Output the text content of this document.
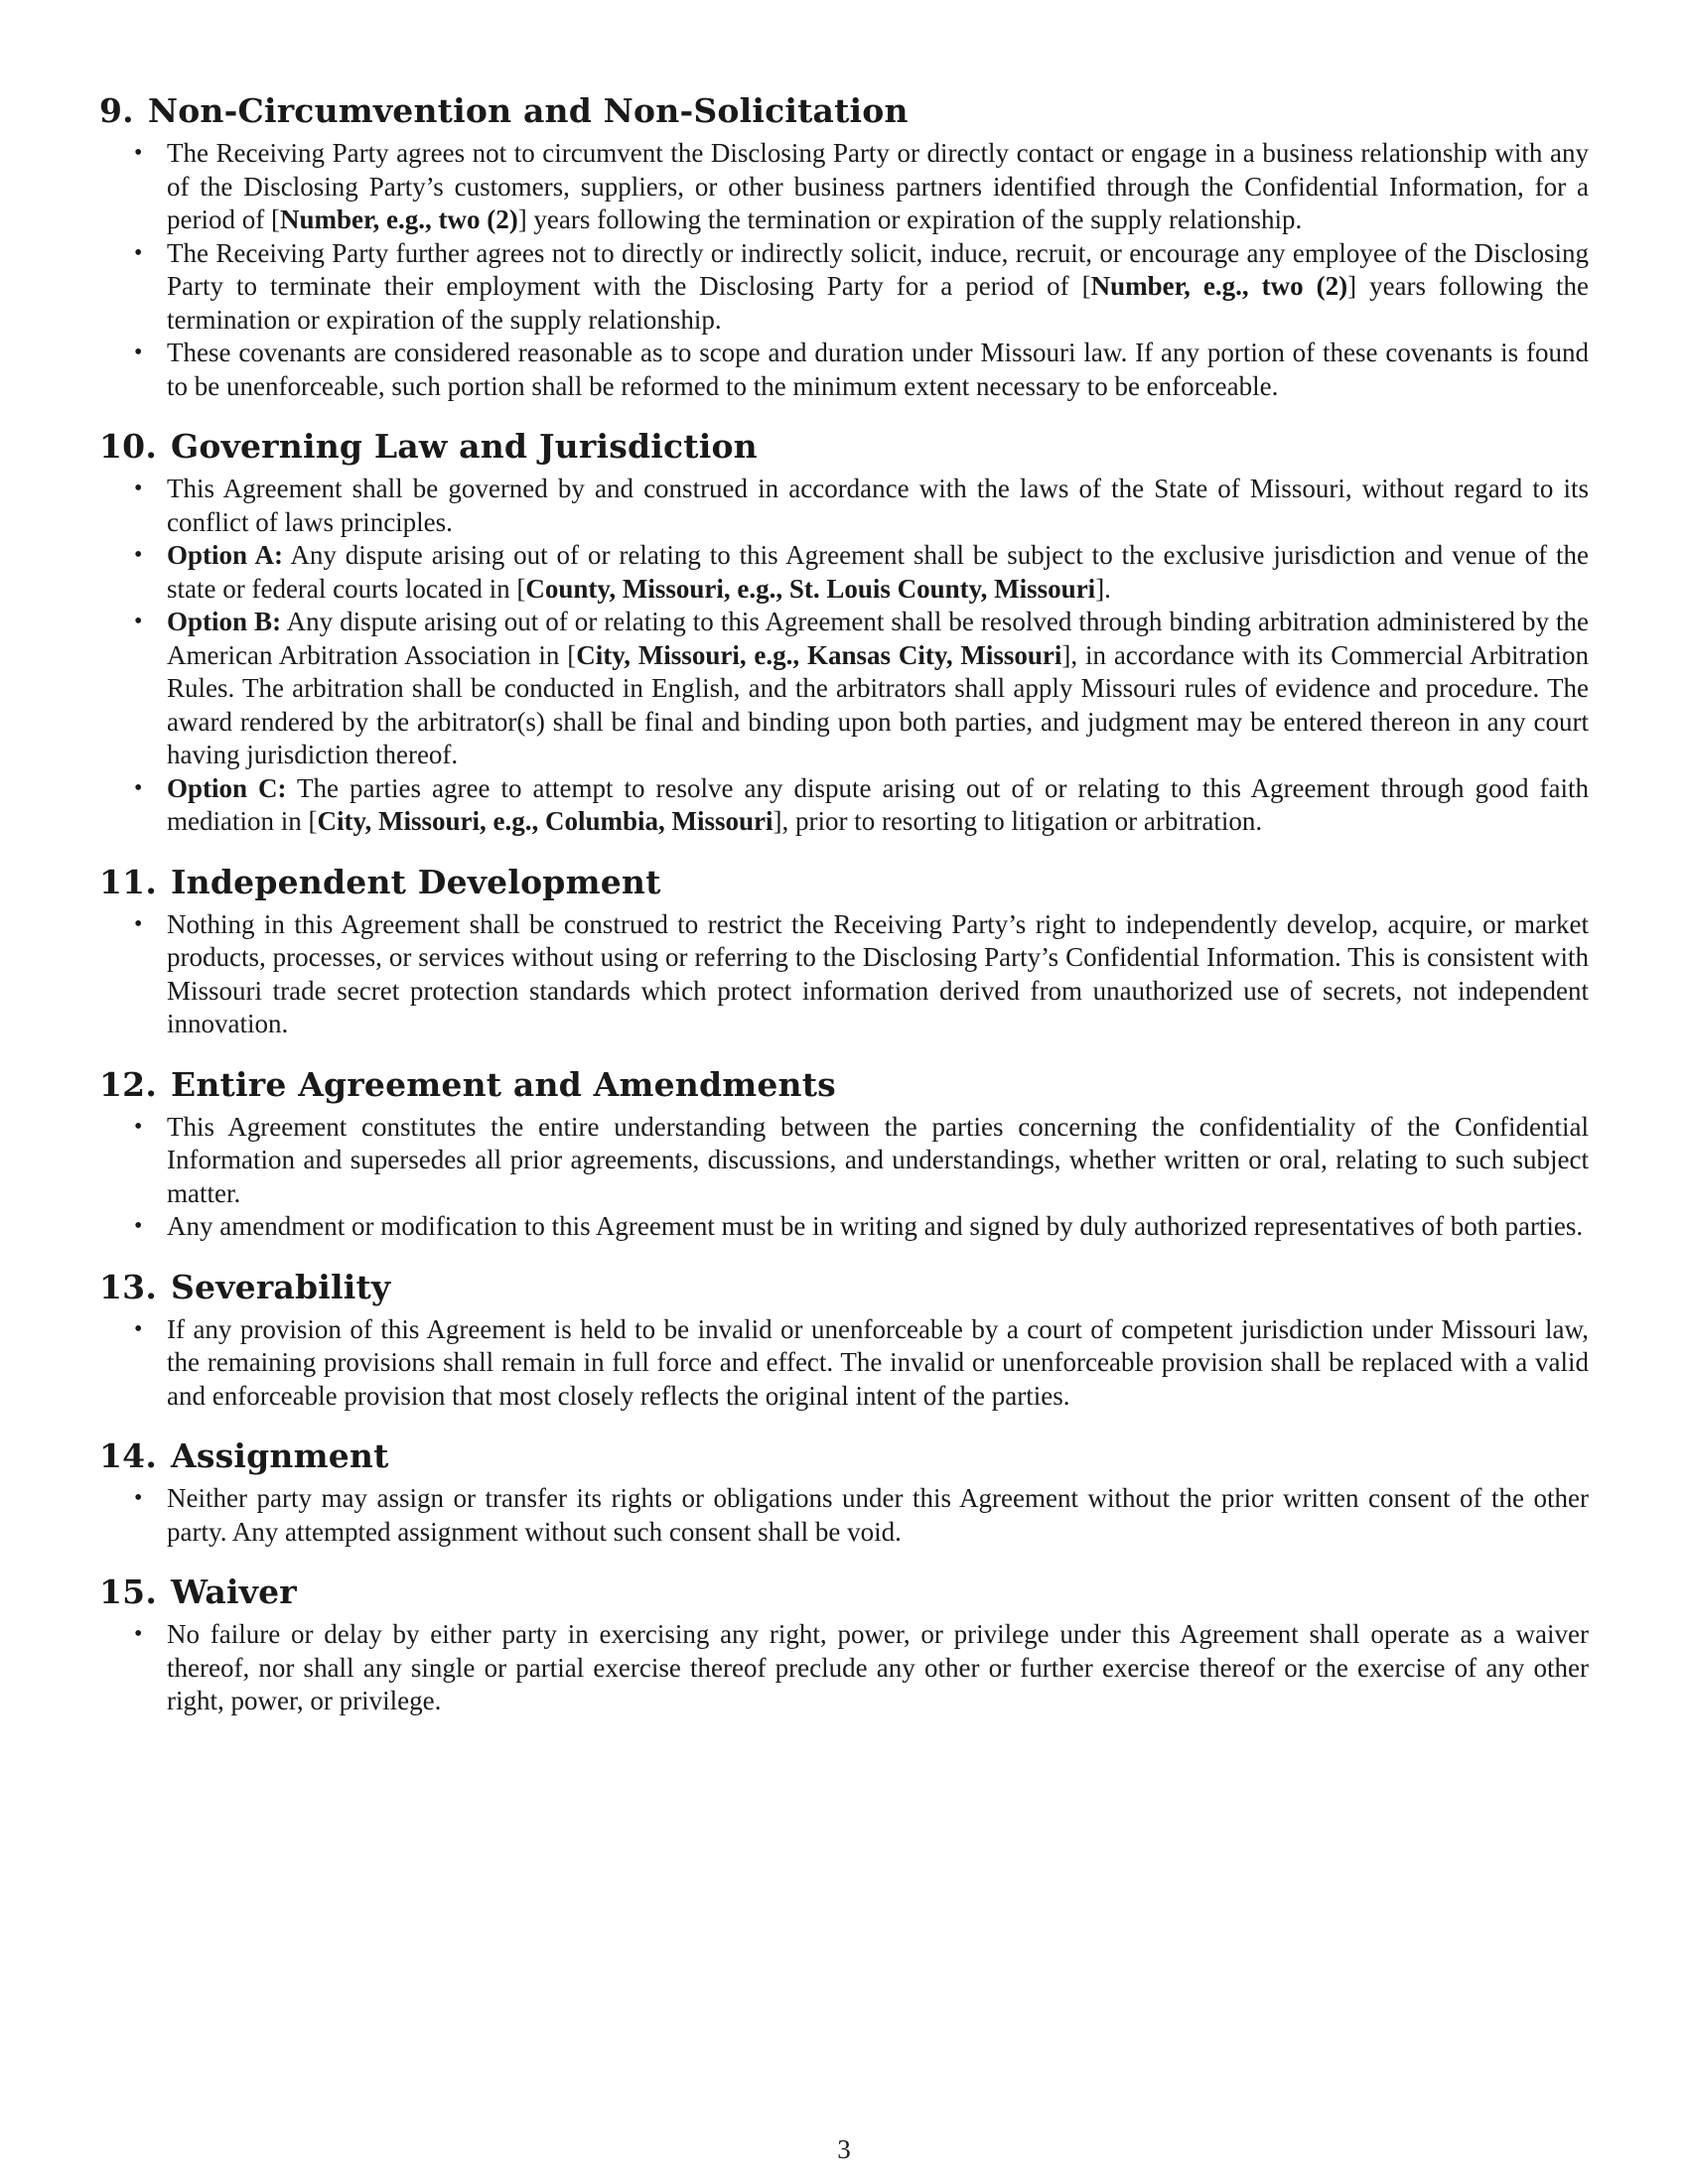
9. Non-Circumvention and Non-Solicitation
• The Receiving Party agrees not to circumvent the Disclosing Party or directly contact or engage in a business relationship with any of the Disclosing Party’s customers, suppliers, or other business partners identified through the Confidential Information, for a period of [Number, e.g., two (2)] years following the termination or expiration of the supply relationship.
• The Receiving Party further agrees not to directly or indirectly solicit, induce, recruit, or encourage any employee of the Disclosing Party to terminate their employment with the Disclosing Party for a period of [Number, e.g., two (2)] years following the termination or expiration of the supply relationship.
• These covenants are considered reasonable as to scope and duration under Missouri law. If any portion of these covenants is found to be unenforceable, such portion shall be reformed to the minimum extent necessary to be enforceable.
10. Governing Law and Jurisdiction
• This Agreement shall be governed by and construed in accordance with the laws of the State of Missouri, without regard to its conflict of laws principles.
• Option A: Any dispute arising out of or relating to this Agreement shall be subject to the exclusive jurisdiction and venue of the state or federal courts located in [County, Missouri, e.g., St. Louis County, Missouri].
• Option B: Any dispute arising out of or relating to this Agreement shall be resolved through binding arbitration administered by the American Arbitration Association in [City, Missouri, e.g., Kansas City, Missouri], in accordance with its Commercial Arbitration Rules. The arbitration shall be conducted in English, and the arbitrators shall apply Missouri rules of evidence and procedure. The award rendered by the arbitrator(s) shall be final and binding upon both parties, and judgment may be entered thereon in any court having jurisdiction thereof.
• Option C: The parties agree to attempt to resolve any dispute arising out of or relating to this Agreement through good faith mediation in [City, Missouri, e.g., Columbia, Missouri], prior to resorting to litigation or arbitration.
11. Independent Development
• Nothing in this Agreement shall be construed to restrict the Receiving Party’s right to independently develop, acquire, or market products, processes, or services without using or referring to the Disclosing Party’s Confidential Information. This is consistent with Missouri trade secret protection standards which protect information derived from unauthorized use of secrets, not independent innovation.
12. Entire Agreement and Amendments
• This Agreement constitutes the entire understanding between the parties concerning the confidentiality of the Confidential Information and supersedes all prior agreements, discussions, and understandings, whether written or oral, relating to such subject matter.
• Any amendment or modification to this Agreement must be in writing and signed by duly authorized representatives of both parties.
13. Severability
• If any provision of this Agreement is held to be invalid or unenforceable by a court of competent jurisdiction under Missouri law, the remaining provisions shall remain in full force and effect. The invalid or unenforceable provision shall be replaced with a valid and enforceable provision that most closely reflects the original intent of the parties.
14. Assignment
• Neither party may assign or transfer its rights or obligations under this Agreement without the prior written consent of the other party. Any attempted assignment without such consent shall be void.
15. Waiver
• No failure or delay by either party in exercising any right, power, or privilege under this Agreement shall operate as a waiver thereof, nor shall any single or partial exercise thereof preclude any other or further exercise thereof or the exercise of any other right, power, or privilege.
3
